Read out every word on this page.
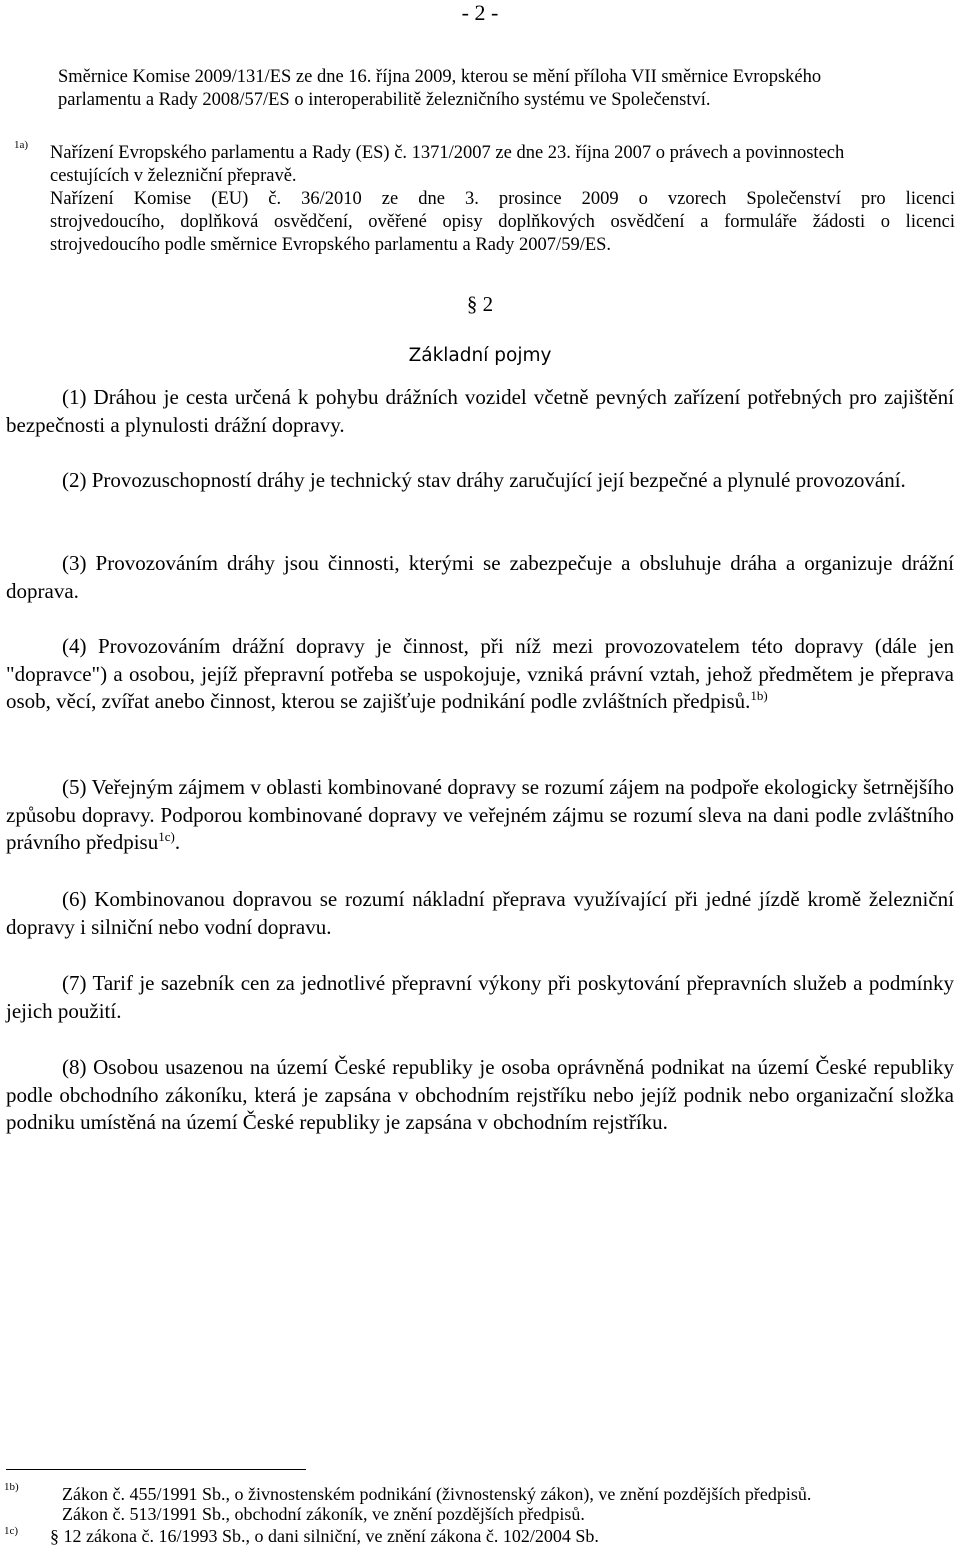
- 2 -
Směrnice Komise 2009/131/ES ze dne 16. října 2009, kterou se mění příloha VII směrnice Evropského
parlamentu a Rady 2008/57/ES o interoperabilitě železničního systému ve Společenství.
1a) Nařízení Evropského parlamentu a Rady (ES) č. 1371/2007 ze dne 23. října 2007 o právech a povinnostech
cestujících v železniční přepravě.
Nařízení Komise (EU) č. 36/2010 ze dne 3. prosince 2009 o vzorech Společenství pro licenci
strojvedoucího, doplňková osvědčení, ověřené opisy doplňkových osvědčení a formuláře žádosti o licenci
strojvedoucího podle směrnice Evropského parlamentu a Rady 2007/59/ES.
§ 2
Základní pojmy
(1) Dráhou je cesta určená k pohybu drážních vozidel včetně pevných zařízení potřebných pro zajištění bezpečnosti a plynulosti drážní dopravy.
(2) Provozuschopností dráhy je technický stav dráhy zaručující její bezpečné a plynulé provozování.
(3) Provozováním dráhy jsou činnosti, kterými se zabezpečuje a obsluhuje dráha a organizuje drážní doprava.
(4) Provozováním drážní dopravy je činnost, při níž mezi provozovatelem této dopravy (dále jen "dopravce") a osobou, jejíž přepravní potřeba se uspokojuje, vzniká právní vztah, jehož předmětem je přeprava osob, věcí, zvířat anebo činnost, kterou se zajišťuje podnikání podle zvláštních předpisů.$^{1b)}$
(5) Veřejným zájmem v oblasti kombinované dopravy se rozumí zájem na podpoře ekologicky šetrnějšího způsobu dopravy. Podporou kombinované dopravy ve veřejném zájmu se rozumí sleva na dani podle zvláštního právního předpisu$^{1c)}$.
(6) Kombinovanou dopravou se rozumí nákladní přeprava využívající při jedné jízdě kromě železniční dopravy i silniční nebo vodní dopravu.
(7) Tarif je sazebník cen za jednotlivé přepravní výkony při poskytování přepravních služeb a podmínky jejich použití.
(8) Osobou usazenou na území České republiky je osoba oprávněná podnikat na území České republiky podle obchodního zákoníku, která je zapsána v obchodním rejstříku nebo jejíž podnik nebo organizační složka podniku umístěná na území České republiky je zapsána v obchodním rejstříku.
1b) Zákon č. 455/1991 Sb., o živnostenském podnikání (živnostenský zákon), ve znění pozdějších předpisů.
Zákon č. 513/1991 Sb., obchodní zákoník, ve znění pozdějších předpisů.
1c) § 12 zákona č. 16/1993 Sb., o dani silniční, ve znění zákona č. 102/2004 Sb.
